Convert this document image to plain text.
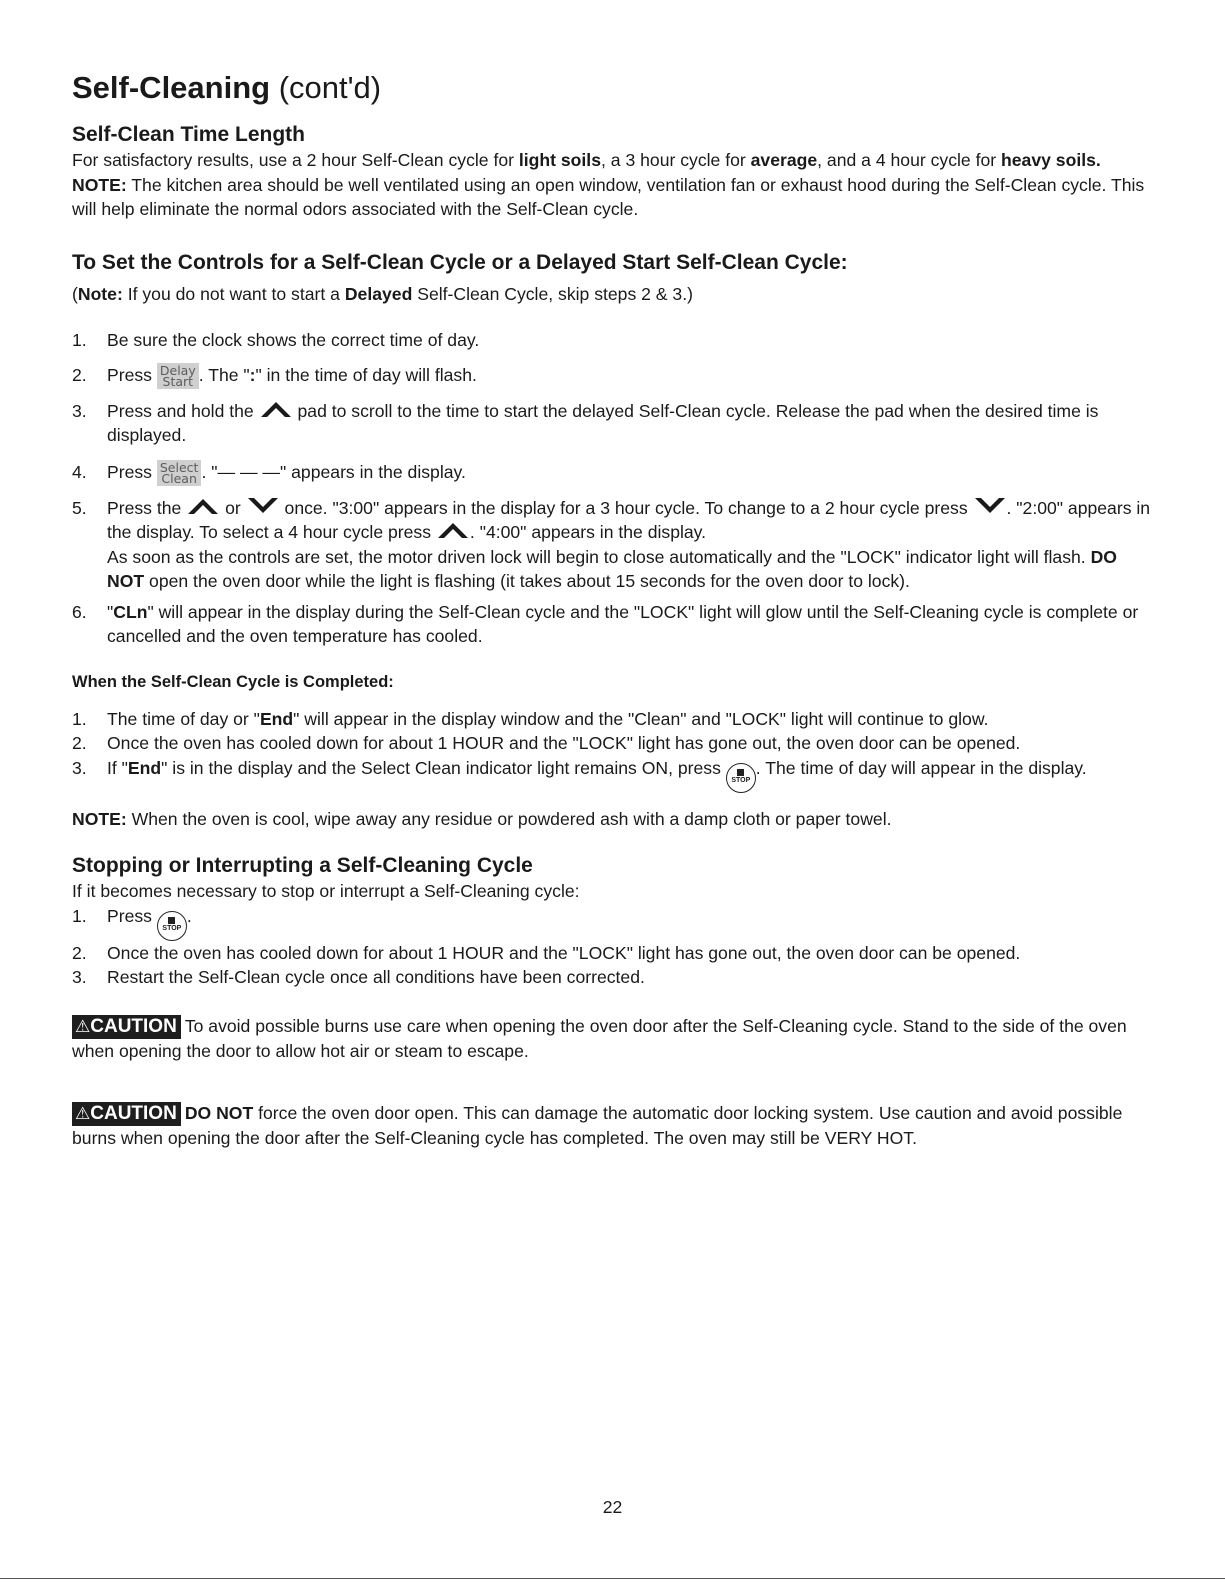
Self-Cleaning (cont'd)
Self-Clean Time Length

For satisfactory results, use a 2 hour Self-Clean cycle for light soils, a 3 hour cycle for average, and a 4 hour cycle for heavy soils. NOTE: The kitchen area should be well ventilated using an open window, ventilation fan or exhaust hood during the Self-Clean cycle. This will help eliminate the normal odors associated with the Self-Clean cycle.

To Set the Controls for a Self-Clean Cycle or a Delayed Start Self-Clean Cycle:

(Note: If you do not want to start a Delayed Self-Clean Cycle, skip steps 2 & 3.)

1. Be sure the clock shows the correct time of day.
2. Press Delay
Start . The ":" in the time of day will flash.
3. Press and hold the  pad to scroll to the time to start the delayed Self-Clean cycle. Release the pad when the desired time is displayed.
4. Press Select
Clean . "— — —" appears in the display.
5. Press the  or  once. "3:00" appears in the display for a 3 hour cycle. To change to a 2 hour cycle press . "2:00" appears in the display. To select a 4 hour cycle press . "4:00" appears in the display.
As soon as the controls are set, the motor driven lock will begin to close automatically and the "LOCK" indicator light will flash. DO NOT open the oven door while the light is flashing (it takes about 15 seconds for the oven door to lock).
6. "CLn" will appear in the display during the Self-Clean cycle and the "LOCK" light will glow until the Self-Cleaning cycle is complete or cancelled and the oven temperature has cooled.
When the Self-Clean Cycle is Completed:
1. The time of day or "End" will appear in the display window and the "Clean" and "LOCK" light will continue to glow.
2. Once the oven has cooled down for about 1 HOUR and the "LOCK" light has gone out, the oven door can be opened.
3. If "End" is in the display and the Select Clean indicator light remains ON, press
STOP. The time of day will appear in the display.

NOTE: When the oven is cool, wipe away any residue or powdered ash with a damp cloth or paper towel.

Stopping or Interrupting a Self-Cleaning Cycle

If it becomes necessary to stop or interrupt a Self-Cleaning cycle:

1. Press
STOP.
2. Once the oven has cooled down for about 1 HOUR and the "LOCK" light has gone out, the oven door can be opened.
3. Restart the Self-Clean cycle once all conditions have been corrected.

⚠CAUTION To avoid possible burns use care when opening the oven door after the Self-Cleaning cycle. Stand to the side of the oven when opening the door to allow hot air or steam to escape.

⚠CAUTION DO NOT force the oven door open. This can damage the automatic door locking system. Use caution and avoid possible burns when opening the door after the Self-Cleaning cycle has completed. The oven may still be VERY HOT.

22
